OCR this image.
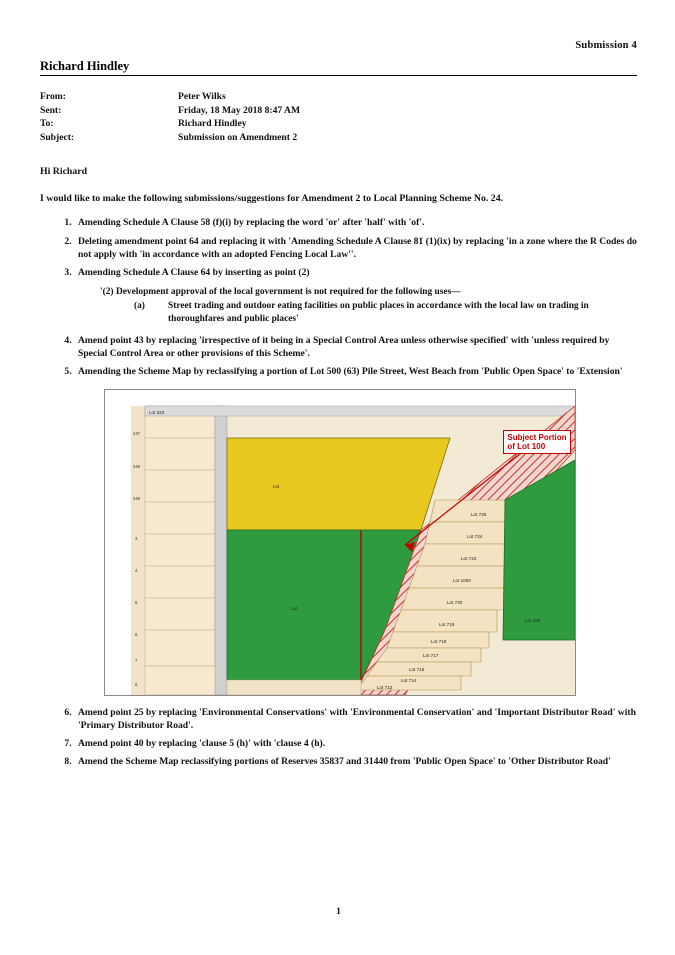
Submission 4
Richard Hindley
From:	Peter Wilks
Sent:	Friday, 18 May 2018 8:47 AM
To:	Richard Hindley
Subject:	Submission on Amendment 2
Hi Richard
I would like to make the following submissions/suggestions for Amendment 2 to Local Planning Scheme No. 24.
1. Amending Schedule A Clause 58 (f)(i) by replacing the word 'or' after 'half' with 'of'.
2. Deleting amendment point 64 and replacing it with 'Amending Schedule A Clause 81 (1)(ix) by replacing 'in a zone where the R Codes do not apply with 'in accordance with an adopted Fencing Local Law''.
3. Amending Schedule A Clause 64 by inserting as point (2)
'(2) Development approval of the local government is not required for the following uses—
(a)	Street trading and outdoor eating facilities on public places in accordance with the local law on trading in thoroughfares and public places'
4. Amend point 43 by replacing 'irrespective of it being in a Special Control Area unless otherwise specified' with 'unless required by Special Control Area or other provisions of this Scheme'.
5. Amending the Scheme Map by reclassifying a portion of Lot 500 (63) Pile Street, West Beach from 'Public Open Space' to 'Extension'
Lot 323
Lot
Lot
Lot 725
Lot 724
Lot 723
Lot 1000
Lot 720
Lot 719
Lot 718
Lot 717
Lot 716
Lot 714
Lot 713
Lot 100
247
248
249
3
4
5
6
7
8
Subject Portion
of Lot 100
6. Amend point 25 by replacing 'Environmental Conservations' with 'Environmental Conservation' and 'Important Distributor Road' with 'Primary Distributor Road'.
7. Amend point 40 by replacing 'clause 5 (h)' with 'clause 4 (h).
8. Amend the Scheme Map reclassifying portions of Reserves 35837 and 31440 from 'Public Open Space' to 'Other Distributor Road'
1
